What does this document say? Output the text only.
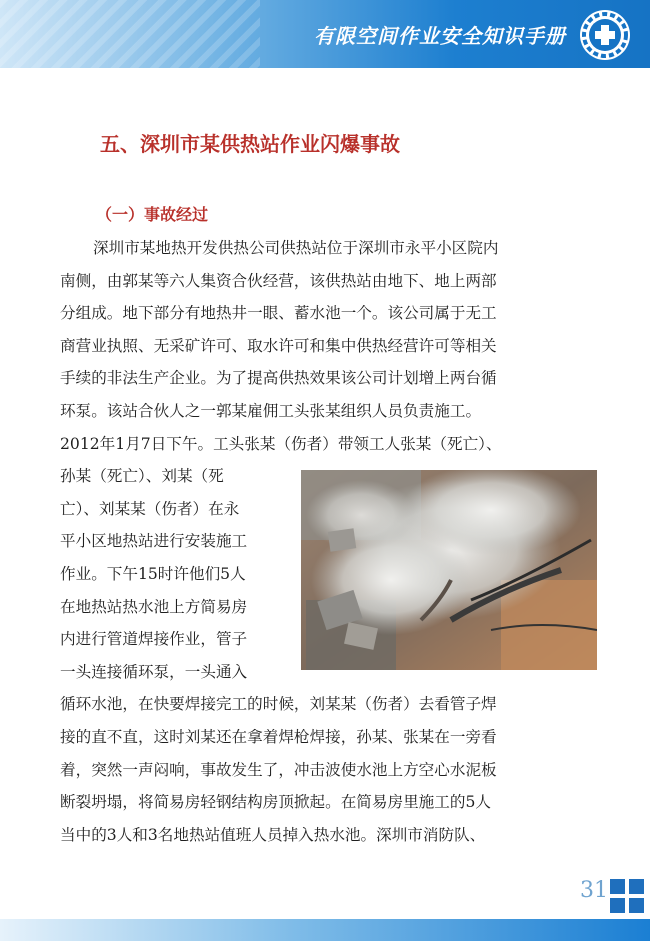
有限空间作业安全知识手册
五、深圳市某供热站作业闪爆事故
（一）事故经过
深圳市某地热开发供热公司供热站位于深圳市永平小区院内
南侧，由郭某等六人集资合伙经营，该供热站由地下、地上两部
分组成。地下部分有地热井一眼、蓄水池一个。该公司属于无工
商营业执照、无采矿许可、取水许可和集中供热经营许可等相关
手续的非法生产企业。为了提高供热效果该公司计划增上两台循
环泵。该站合伙人之一郭某雇佣工头张某组织人员负责施工。
2012年1月7日下午。工头张某（伤者）带领工人张某（死亡）、
孙某（死亡）、刘某（死
亡）、刘某某（伤者）在永
平小区地热站进行安装施工
作业。下午15时许他们5人
在地热站热水池上方简易房
内进行管道焊接作业，管子
一头连接循环泵，一头通入
循环水池，在快要焊接完工的时候，刘某某（伤者）去看管子焊
接的直不直，这时刘某还在拿着焊枪焊接，孙某、张某在一旁看
着，突然一声闷响，事故发生了，冲击波使水池上方空心水泥板
断裂坍塌，将简易房轻钢结构房顶掀起。在简易房里施工的5人
当中的3人和3名地热站值班人员掉入热水池。深圳市消防队、
31
